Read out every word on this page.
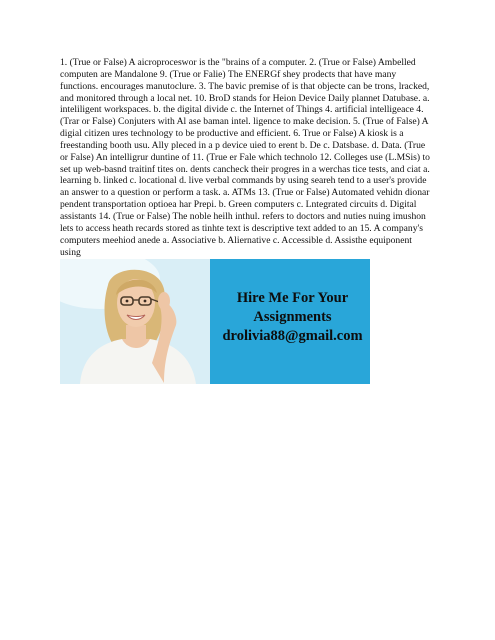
1. (True or False) A aicroproceswor is the "brains of a computer. 2. (True or False) Ambelled computen are Mandalone 9. (True or Falie) The ENERGf shey prodects that have many functions. encourages manutoclure. 3. The bavic premise of is that objecte can be trons, lracked, and monitored through a local net. 10. BroD stands for Heion Device Daily plannet Datubase. a. inteliligent workspaces. b. the digital divide c. the Internet of Things 4. artificial intelligeace 4. (Trar or False) Conjuters with Al ase baman intel. ligence to make decision. 5. (True of False) A digial citizen ures technology to be productive and efficient. 6. True or False) A kiosk is a freestanding booth usu. Ally pleced in a p device uied to erent b. De c. Datsbase. d. Data. (True or False) An intelligrur duntine of 11. (True er Fale which technolo 12. Colleges use (L.MSis) to set up web-basnd traitinf tites on. dents cancheck their progres in a werchas tice tests, and ciat a. learning b. linked c. locational d. live verbal commands by using seareh tend to a user's provide an answer to a question or perform a task. a. ATMs 13. (True or False) Automated vehidn dionar pendent transportation optioea har Prepi. b. Green computers c. Lntegrated circuits d. Digital assistants 14. (True or False) The noble heilh inthul. refers to doctors and nuties nuing imushon lets to access heath recards stored as tinhte text is descriptive text added to an 15. A company's computers meehiod anede a. Associative b. Aliernative c. Accessible d. Assisthe equiponent using

Hire Me For Your
Assignments
drolivia88@gmail.com
